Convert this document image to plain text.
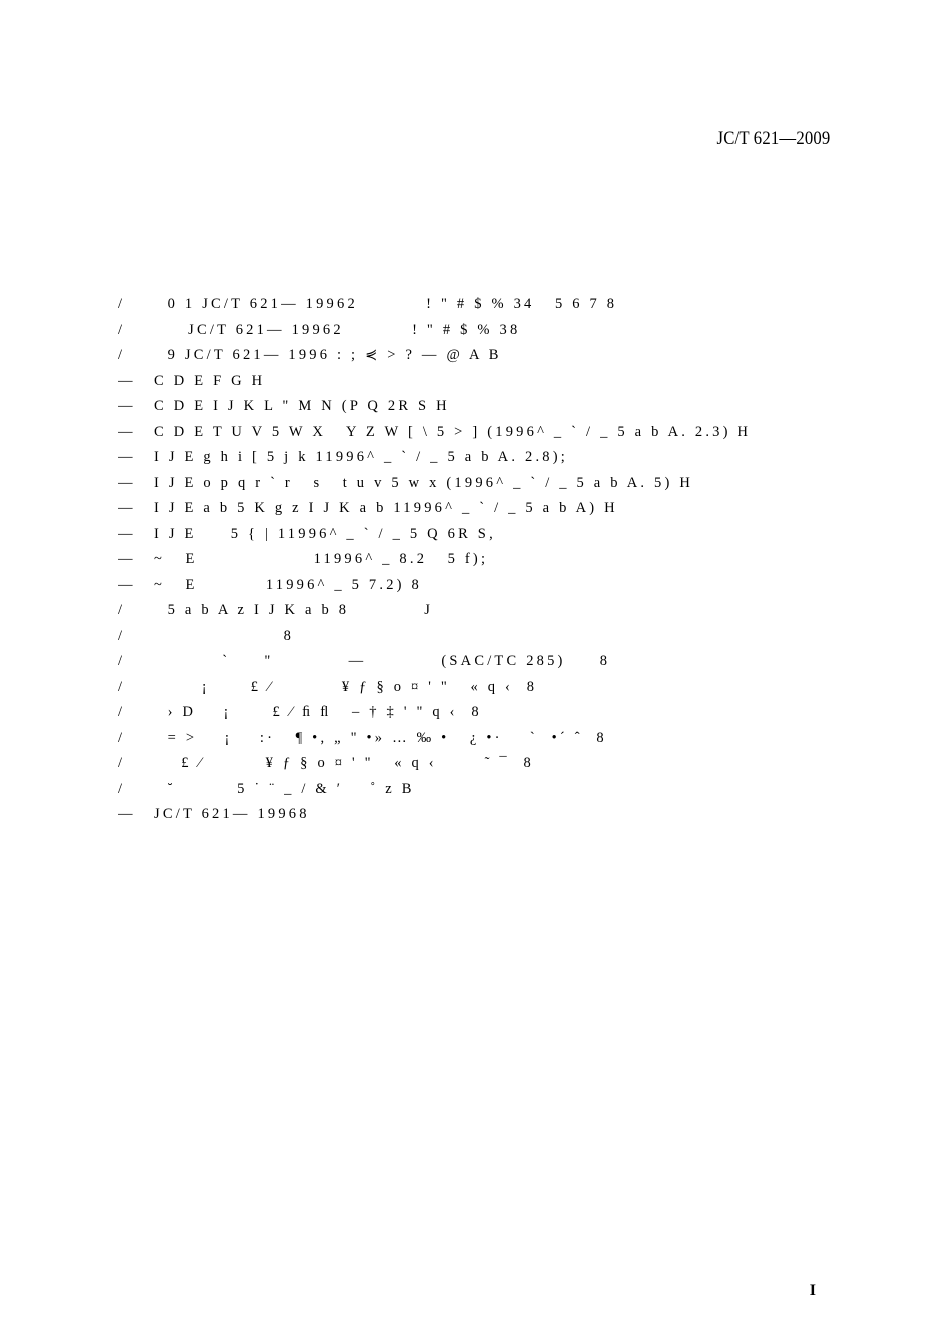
JC/T 621—2009
/	0 1 JC/T 621— 19962          ! " # $ % 34   5 6 7 8
/	JC/T 621— 19962          ! " # $ % 38
/	9 JC/T 621— 1996 : ; ⋞ > ? — @ A B
—	C D E F G H
—	C D E I J K L " M N (P Q 2R S H
—	C D E T U V 5 W X   Y Z W [ \ 5 > ] (1996^ _ ` / _ 5 a b A. 2.3) H
—	I J E g h i [ 5 j k 11996^ _ ` / _ 5 a b A. 2.8);
—	I J E o p q r ` r   s   t u v 5 w x (1996^ _ ` / _ 5 a b A. 5) H
—	I J E a b 5 K g z I J K a b 11996^ _ ` / _ 5 a b A) H
—	I J E     5 { | 11996^ _ ` / _ 5 Q 6R S,
—	~   E                 11996^ _ 8.2   5 f);
—	~   E          11996^ _ 5 7.2) 8
/	5 a b A z I J K a b 8           J
/	8
/	`     "           —           (SAC/TC 285)     8
/	¡      £ ⁄          ¥ ƒ § ο ¤ ' "   « q ‹  8
/	› D    ¡      £ ⁄ ﬁ ﬂ   – † ‡ ' " q ‹  8
/	= >    ¡    :·   ¶ •, „ " •» … ‰ •   ¿ •·    `  •´ ˆ  8
/	£ ⁄         ¥ ƒ § ο ¤ ' "   « q ‹       ˜ ¯  8
/	˘         5 ˙ ¨ _ / & ′    ˚ z B
—	JC/T 621— 19968
I
